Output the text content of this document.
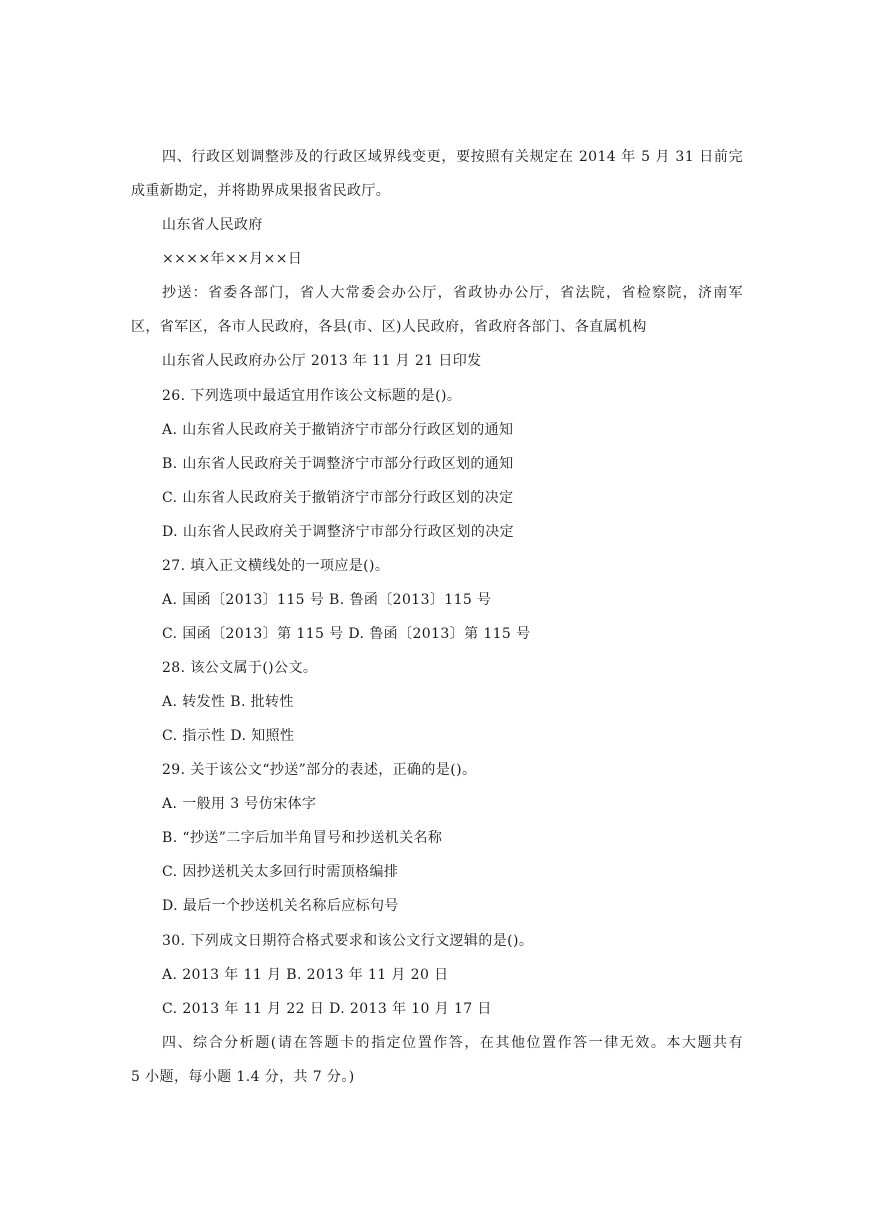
四、行政区划调整涉及的行政区域界线变更，要按照有关规定在 2014 年 5 月 31 日前完
成重新勘定，并将勘界成果报省民政厅。
山东省人民政府
××××年××月××日
抄送：省委各部门，省人大常委会办公厅，省政协办公厅，省法院，省检察院，济南军
区，省军区，各市人民政府，各县(市、区)人民政府，省政府各部门、各直属机构
山东省人民政府办公厅 2013 年 11 月 21 日印发
26. 下列选项中最适宜用作该公文标题的是()。
A. 山东省人民政府关于撤销济宁市部分行政区划的通知
B. 山东省人民政府关于调整济宁市部分行政区划的通知
C. 山东省人民政府关于撤销济宁市部分行政区划的决定
D. 山东省人民政府关于调整济宁市部分行政区划的决定
27. 填入正文横线处的一项应是()。
A. 国函〔2013〕115 号 B. 鲁函〔2013〕115 号
C. 国函〔2013〕第 115 号 D. 鲁函〔2013〕第 115 号
28. 该公文属于()公文。
A. 转发性 B. 批转性
C. 指示性 D. 知照性
29. 关于该公文“抄送”部分的表述，正确的是()。
A. 一般用 3 号仿宋体字
B. “抄送”二字后加半角冒号和抄送机关名称
C. 因抄送机关太多回行时需顶格编排
D. 最后一个抄送机关名称后应标句号
30. 下列成文日期符合格式要求和该公文行文逻辑的是()。
A. 2013 年 11 月 B. 2013 年 11 月 20 日
C. 2013 年 11 月 22 日 D. 2013 年 10 月 17 日
四、综合分析题(请在答题卡的指定位置作答，在其他位置作答一律无效。本大题共有
5 小题，每小题 1.4 分，共 7 分。)
